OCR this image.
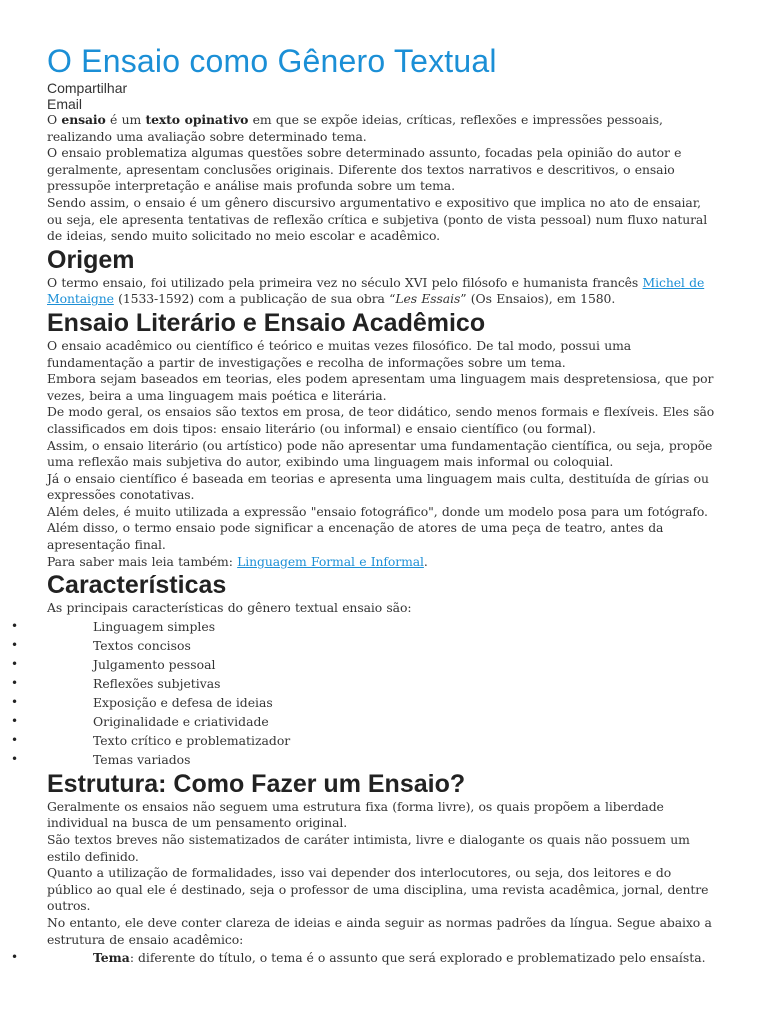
O Ensaio como Gênero Textual
Compartilhar
Email

O ensaio é um texto opinativo em que se expõe ideias, críticas, reflexões e impressões pessoais, realizando uma avaliação sobre determinado tema.

O ensaio problematiza algumas questões sobre determinado assunto, focadas pela opinião do autor e geralmente, apresentam conclusões originais. Diferente dos textos narrativos e descritivos, o ensaio pressupõe interpretação e análise mais profunda sobre um tema.

Sendo assim, o ensaio é um gênero discursivo argumentativo e expositivo que implica no ato de ensaiar, ou seja, ele apresenta tentativas de reflexão crítica e subjetiva (ponto de vista pessoal) num fluxo natural de ideias, sendo muito solicitado no meio escolar e acadêmico.

Origem

O termo ensaio, foi utilizado pela primeira vez no século XVI pelo filósofo e humanista francês Michel de Montaigne (1533-1592) com a publicação de sua obra “Les Essais” (Os Ensaios), em 1580.

Ensaio Literário e Ensaio Acadêmico

O ensaio acadêmico ou científico é teórico e muitas vezes filosófico. De tal modo, possui uma fundamentação a partir de investigações e recolha de informações sobre um tema.

Embora sejam baseados em teorias, eles podem apresentam uma linguagem mais despretensiosa, que por vezes, beira a uma linguagem mais poética e literária.

De modo geral, os ensaios são textos em prosa, de teor didático, sendo menos formais e flexíveis. Eles são classificados em dois tipos: ensaio literário (ou informal) e ensaio científico (ou formal).

Assim, o ensaio literário (ou artístico) pode não apresentar uma fundamentação científica, ou seja, propõe uma reflexão mais subjetiva do autor, exibindo uma linguagem mais informal ou coloquial.

Já o ensaio científico é baseada em teorias e apresenta uma linguagem mais culta, destituída de gírias ou expressões conotativas.

Além deles, é muito utilizada a expressão "ensaio fotográfico", donde um modelo posa para um fotógrafo.

Além disso, o termo ensaio pode significar a encenação de atores de uma peça de teatro, antes da apresentação final.

Para saber mais leia também: Linguagem Formal e Informal.

Características

As principais características do gênero textual ensaio são:

•	Linguagem simples
•	Textos concisos
•	Julgamento pessoal
•	Reflexões subjetivas
•	Exposição e defesa de ideias
•	Originalidade e criatividade
•	Texto crítico e problematizador
•	Temas variados
Estrutura: Como Fazer um Ensaio?

Geralmente os ensaios não seguem uma estrutura fixa (forma livre), os quais propõem a liberdade individual na busca de um pensamento original.

São textos breves não sistematizados de caráter intimista, livre e dialogante os quais não possuem um estilo definido.

Quanto a utilização de formalidades, isso vai depender dos interlocutores, ou seja, dos leitores e do público ao qual ele é destinado, seja o professor de uma disciplina, uma revista acadêmica, jornal, dentre outros.

No entanto, ele deve conter clareza de ideias e ainda seguir as normas padrões da língua. Segue abaixo a estrutura de ensaio acadêmico:

•	Tema: diferente do título, o tema é o assunto que será explorado e problematizado pelo ensaísta.
